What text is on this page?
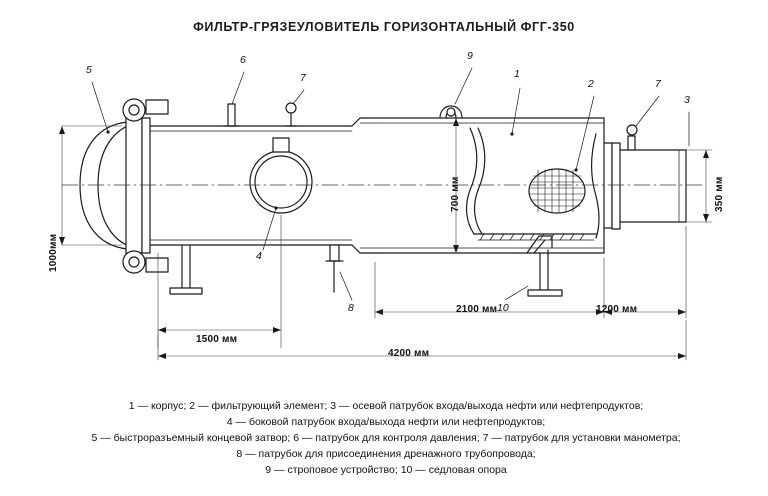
ФИЛЬТР-ГРЯЗЕУЛОВИТЕЛЬ ГОРИЗОНТАЛЬНЫЙ ФГГ-350
1
2
3
4
5
6
7	7
8
9
10
1000мм
700 мм	350 мм
1500 мм
2100 мм	1200 мм
4200 мм
1 — корпус; 2 — фильтрующий элемент; 3 — осевой патрубок входа/выхода нефти или нефтепродуктов;
4 — боковой патрубок входа/выхода нефти или нефтепродуктов;
5 — быстроразъемный концевой затвор; 6 — патрубок для контроля давления; 7 — патрубок для установки манометра;
8 — патрубок для присоединения дренажного трубопровода;
9 — строповое устройство; 10 — седловая опора
